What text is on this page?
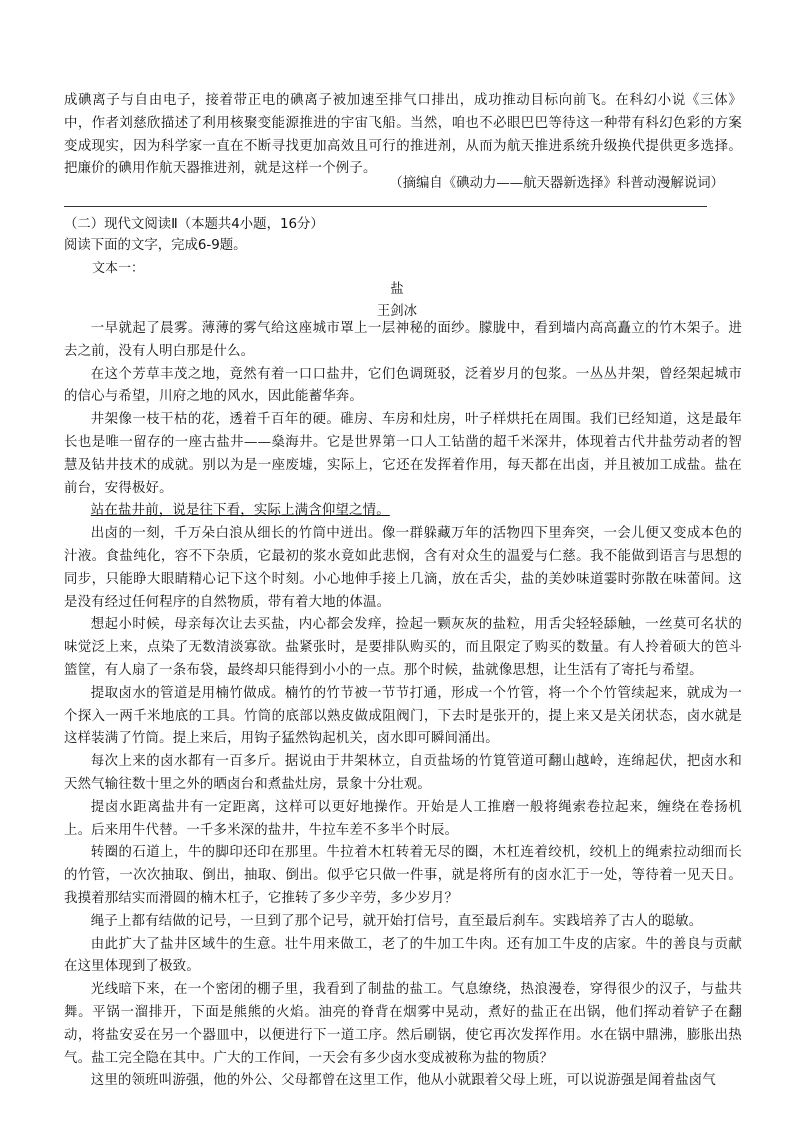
成碘离子与自由电子，接着带正电的碘离子被加速至排气口排出，成功推动目标向前飞。在科幻小说《三体》中，作者刘慈欣描述了利用核聚变能源推进的宇宙飞船。当然，咱也不必眼巴巴等待这一种带有科幻色彩的方案变成现实，因为科学家一直在不断寻找更加高效且可行的推进剂，从而为航天推进系统升级换代提供更多选择。把廉价的碘用作航天器推进剂，就是这样一个例子。

（摘编自《碘动力——航天器新选择》科普动漫解说词）
（二）现代文阅读Ⅱ（本题共4小题，16分）
阅读下面的文字，完成6-9题。
文本一：
盐
王剑冰

一早就起了晨雾。薄薄的雾气给这座城市罩上一层神秘的面纱。朦胧中，看到墙内高高矗立的竹木架子。进去之前，没有人明白那是什么。

在这个芳草丰茂之地，竟然有着一口口盐井，它们色调斑驳，泛着岁月的包浆。一丛丛井架，曾经架起城市的信心与希望，川府之地的风水，因此能蓄华奔。

井架像一枝干枯的花，透着千百年的硬。碓房、车房和灶房，叶子样烘托在周围。我们已经知道，这是最年长也是唯一留存的一座古盐井——燊海井。它是世界第一口人工钻凿的超千米深井，体现着古代井盐劳动者的智慧及钻井技术的成就。别以为是一座废墟，实际上，它还在发挥着作用，每天都在出卤，并且被加工成盐。盐在前台，安得极好。

站在盐井前，说是往下看，实际上满含仰望之情。

出卤的一刻，千万朵白浪从细长的竹筒中迸出。像一群躲藏万年的活物四下里奔突，一会儿便又变成本色的汁液。食盐纯化，容不下杂质，它最初的浆水竟如此悲悯，含有对众生的温爱与仁慈。我不能做到语言与思想的同步，只能睁大眼睛精心记下这个时刻。小心地伸手接上几滴，放在舌尖，盐的美妙味道霎时弥散在味蕾间。这是没有经过任何程序的自然物质，带有着大地的体温。

想起小时候，母亲每次让去买盐，内心都会发痒，捡起一颗灰灰的盐粒，用舌尖轻轻舔触，一丝莫可名状的味觉泛上来，点染了无数清淡寡欲。盐紧张时，是要排队购买的，而且限定了购买的数量。有人拎着硕大的笆斗篮筐，有人扇了一条布袋，最终却只能得到小小的一点。那个时候，盐就像思想，让生活有了寄托与希望。

提取卤水的管道是用楠竹做成。楠竹的竹节被一节节打通，形成一个竹管，将一个个竹管续起来，就成为一个探入一两千米地底的工具。竹筒的底部以熟皮做成阻阀门，下去时是张开的，提上来又是关闭状态，卤水就是这样装满了竹筒。提上来后，用钩子猛然钩起机关，卤水即可瞬间涌出。

每次上来的卤水都有一百多斤。据说由于井架林立，自贡盐场的竹筧管道可翻山越岭，连绵起伏，把卤水和天然气输往数十里之外的晒卤台和煮盐灶房，景象十分壮观。

提卤水距离盐井有一定距离，这样可以更好地操作。开始是人工推磨一般将绳索卷拉起来，缠绕在卷扬机上。后来用牛代替。一千多米深的盐井，牛拉车差不多半个时辰。

转圈的石道上，牛的脚印还印在那里。牛拉着木杠转着无尽的圈，木杠连着绞机，绞机上的绳索拉动细而长的竹管，一次次抽取、倒出，抽取、倒出。似乎它只做一件事，就是将所有的卤水汇于一处，等待着一见天日。我摸着那结实而滑圆的楠木杠子，它推转了多少辛劳，多少岁月？

绳子上都有结做的记号，一旦到了那个记号，就开始打信号，直至最后刹车。实践培养了古人的聪敏。

由此扩大了盐井区域牛的生意。壮牛用来做工，老了的牛加工牛肉。还有加工牛皮的店家。牛的善良与贡献在这里体现到了极致。

光线暗下来，在一个密闭的棚子里，我看到了制盐的盐工。气息缭绕，热浪漫卷，穿得很少的汉子，与盐共舞。平锅一溜排开，下面是熊熊的火焰。油亮的脊背在烟雾中晃动，煮好的盐正在出锅，他们挥动着铲子在翻动，将盐安妥在另一个器皿中，以便进行下一道工序。然后刷锅，使它再次发挥作用。水在锅中鼎沸，膨胀出热气。盐工完全隐在其中。广大的工作间，一天会有多少卤水变成被称为盐的物质？

这里的领班叫游强，他的外公、父母都曾在这里工作，他从小就跟着父母上班，可以说游强是闻着盐卤气
